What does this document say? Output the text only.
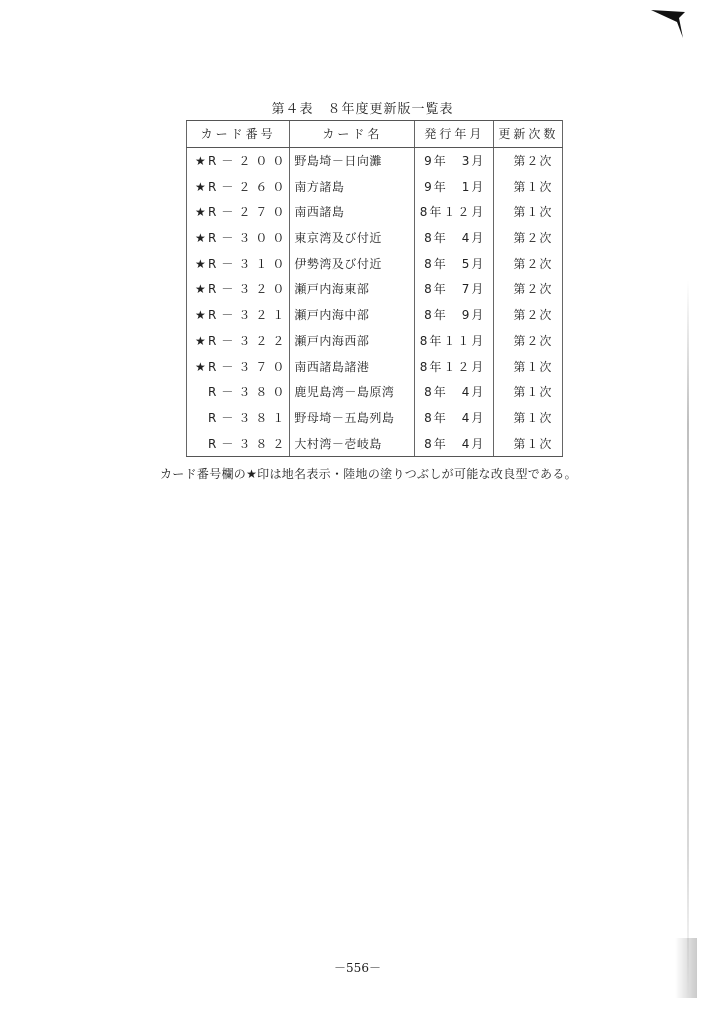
第４表　８年度更新版一覧表
カード番号	カード名	発行年月	更新次数
★ R－２００	野島埼－日向灘	9年　3月	第２次
★ R－２６０	南方諸島	9年　1月	第１次
★ R－２７０	南西諸島	8年１２月	第１次
★ R－３００	東京湾及び付近	8年　4月	第２次
★ R－３１０	伊勢湾及び付近	8年　5月	第２次
★ R－３２０	瀬戸内海東部	8年　7月	第２次
★ R－３２１	瀬戸内海中部	8年　9月	第２次
★ R－３２２	瀬戸内海西部	8年１１月	第２次
★ R－３７０	南西諸島諸港	8年１２月	第１次
R－３８０	鹿児島湾－島原湾	8年　4月	第１次
R－３８１	野母埼－五島列島	8年　4月	第１次
R－３８２	大村湾－壱岐島	8年　4月	第１次
カード番号欄の★印は地名表示・陸地の塗りつぶしが可能な改良型である。
－556－
